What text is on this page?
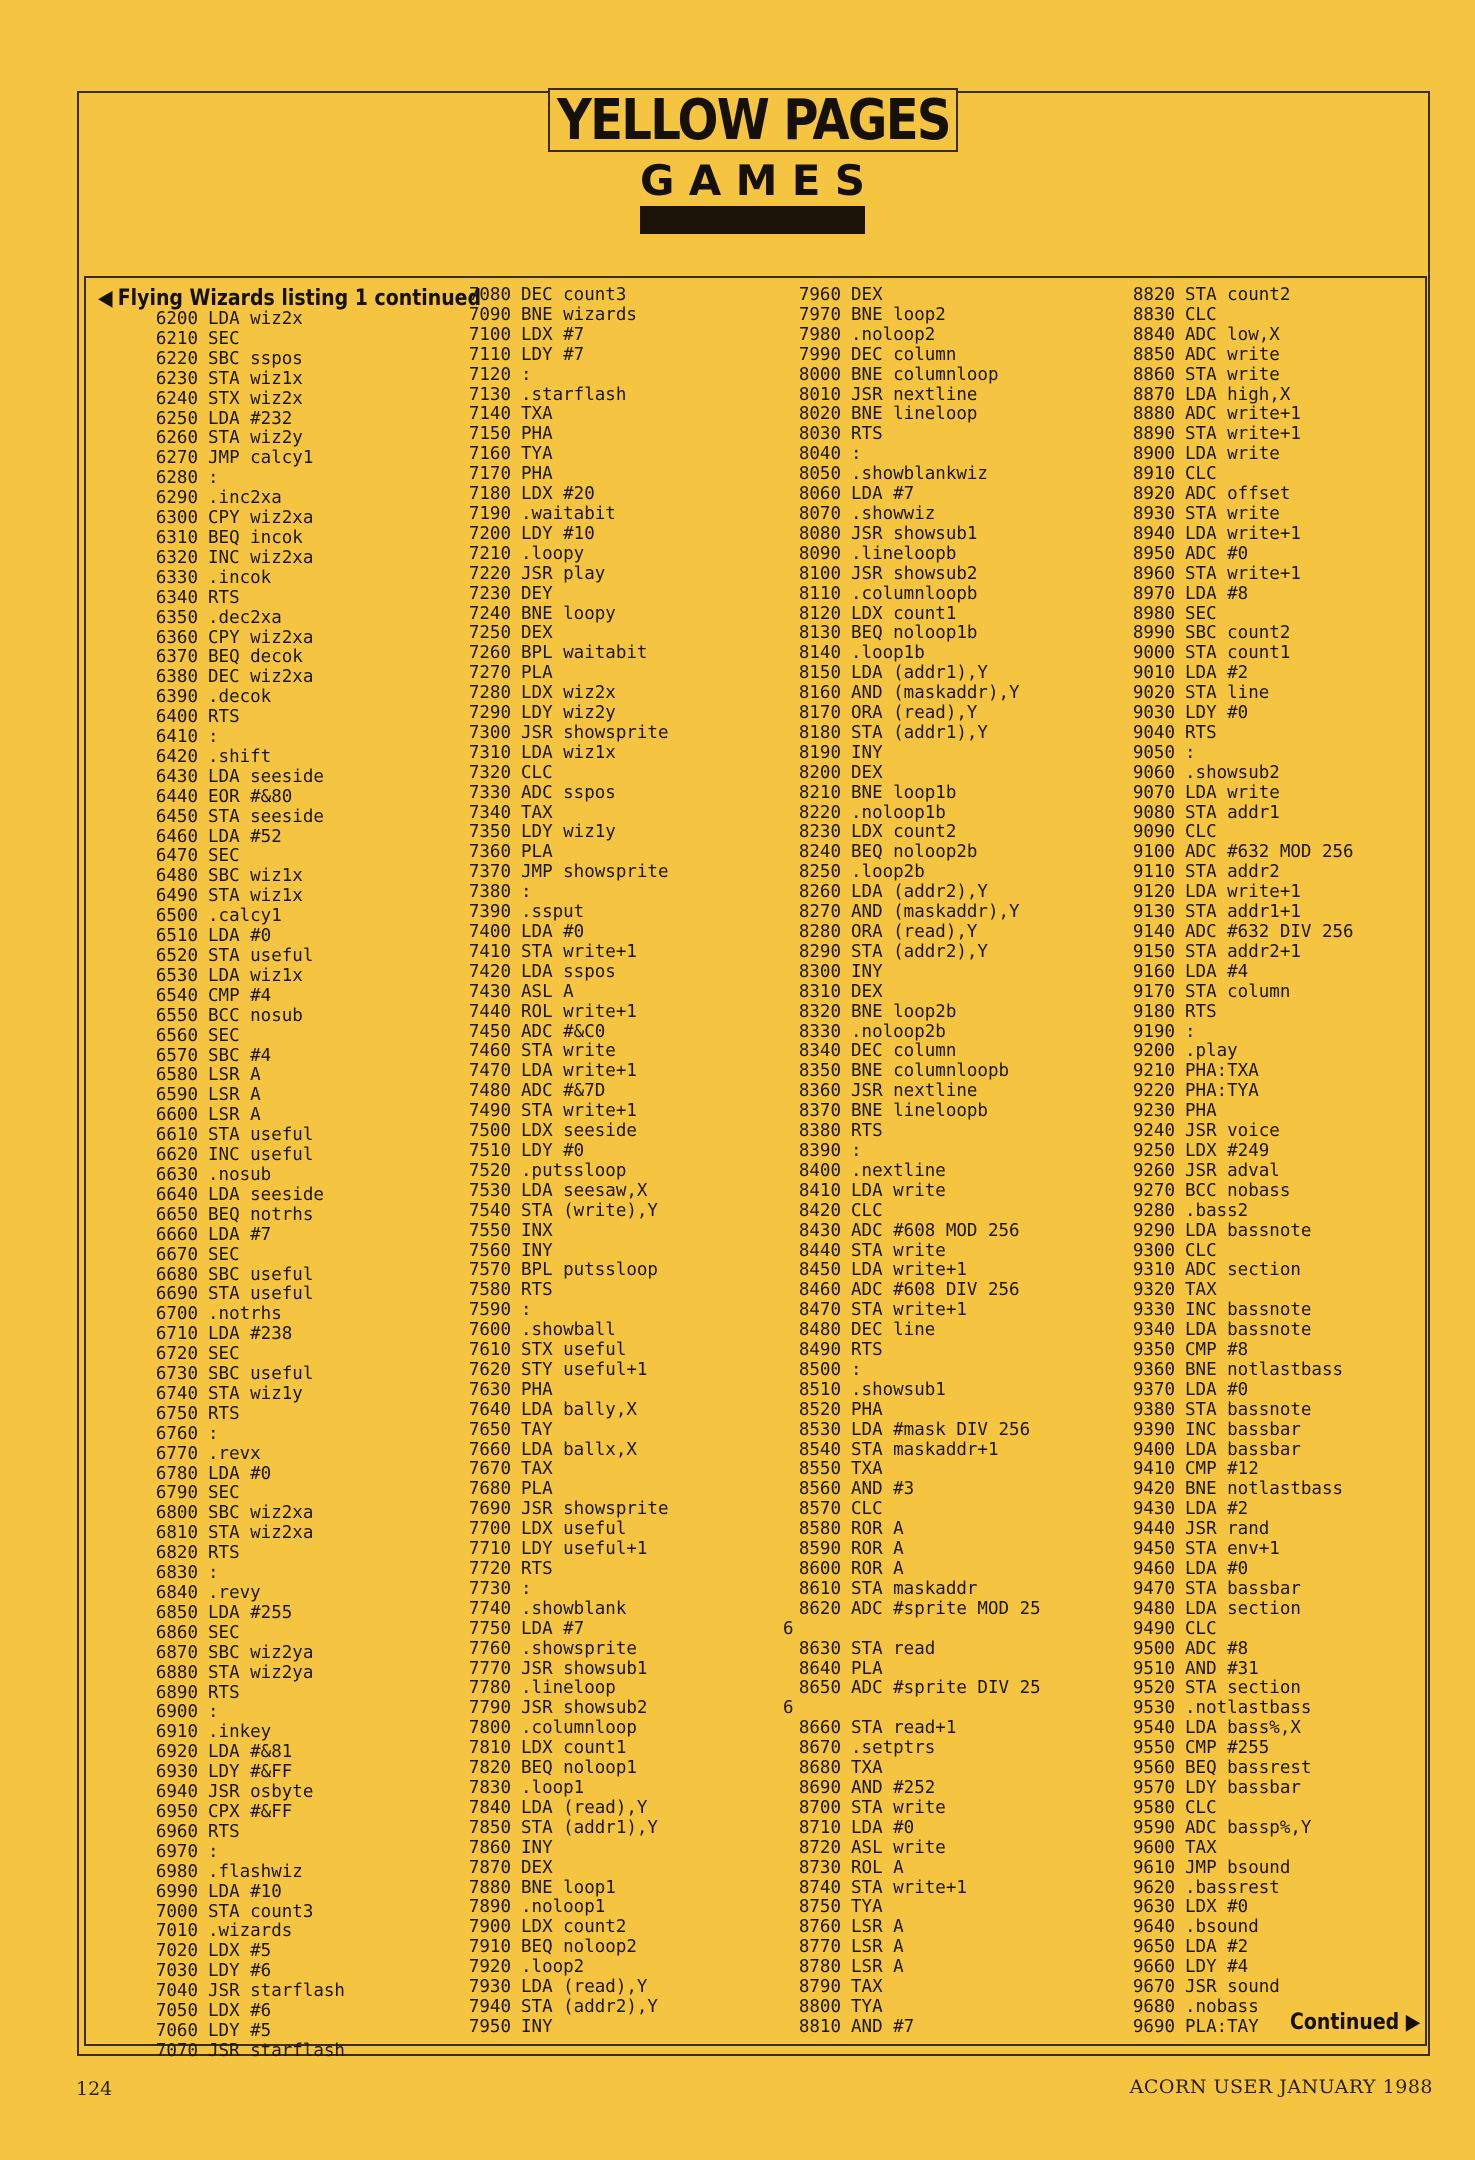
YELLOW PAGES
G A M E S
◀ Flying Wizards listing 1 continued
6200 LDA wiz2x
6210 SEC
6220 SBC sspos
6230 STA wiz1x
6240 STX wiz2x
6250 LDA #232
6260 STA wiz2y
6270 JMP calcy1
6280 :
6290 .inc2xa
6300 CPY wiz2xa
6310 BEQ incok
6320 INC wiz2xa
6330 .incok
6340 RTS
6350 .dec2xa
6360 CPY wiz2xa
6370 BEQ decok
6380 DEC wiz2xa
6390 .decok
6400 RTS
6410 :
6420 .shift
6430 LDA seeside
6440 EOR #&80
6450 STA seeside
6460 LDA #52
6470 SEC
6480 SBC wiz1x
6490 STA wiz1x
6500 .calcy1
6510 LDA #0
6520 STA useful
6530 LDA wiz1x
6540 CMP #4
6550 BCC nosub
6560 SEC
6570 SBC #4
6580 LSR A
6590 LSR A
6600 LSR A
6610 STA useful
6620 INC useful
6630 .nosub
6640 LDA seeside
6650 BEQ notrhs
6660 LDA #7
6670 SEC
6680 SBC useful
6690 STA useful
6700 .notrhs
6710 LDA #238
6720 SEC
6730 SBC useful
6740 STA wiz1y
6750 RTS
6760 :
6770 .revx
6780 LDA #0
6790 SEC
6800 SBC wiz2xa
6810 STA wiz2xa
6820 RTS
6830 :
6840 .revy
6850 LDA #255
6860 SEC
6870 SBC wiz2ya
6880 STA wiz2ya
6890 RTS
6900 :
6910 .inkey
6920 LDA #&81
6930 LDY #&FF
6940 JSR osbyte
6950 CPX #&FF
6960 RTS
6970 :
6980 .flashwiz
6990 LDA #10
7000 STA count3
7010 .wizards
7020 LDX #5
7030 LDY #6
7040 JSR starflash
7050 LDX #6
7060 LDY #5
7070 JSR starflash
7080 DEC count3
7090 BNE wizards
7100 LDX #7
7110 LDY #7
7120 :
7130 .starflash
7140 TXA
7150 PHA
7160 TYA
7170 PHA
7180 LDX #20
7190 .waitabit
7200 LDY #10
7210 .loopy
7220 JSR play
7230 DEY
7240 BNE loopy
7250 DEX
7260 BPL waitabit
7270 PLA
7280 LDX wiz2x
7290 LDY wiz2y
7300 JSR showsprite
7310 LDA wiz1x
7320 CLC
7330 ADC sspos
7340 TAX
7350 LDY wiz1y
7360 PLA
7370 JMP showsprite
7380 :
7390 .ssput
7400 LDA #0
7410 STA write+1
7420 LDA sspos
7430 ASL A
7440 ROL write+1
7450 ADC #&C0
7460 STA write
7470 LDA write+1
7480 ADC #&7D
7490 STA write+1
7500 LDX seeside
7510 LDY #0
7520 .putssloop
7530 LDA seesaw,X
7540 STA (write),Y
7550 INX
7560 INY
7570 BPL putssloop
7580 RTS
7590 :
7600 .showball
7610 STX useful
7620 STY useful+1
7630 PHA
7640 LDA bally,X
7650 TAY
7660 LDA ballx,X
7670 TAX
7680 PLA
7690 JSR showsprite
7700 LDX useful
7710 LDY useful+1
7720 RTS
7730 :
7740 .showblank
7750 LDA #7
7760 .showsprite
7770 JSR showsub1
7780 .lineloop
7790 JSR showsub2
7800 .columnloop
7810 LDX count1
7820 BEQ noloop1
7830 .loop1
7840 LDA (read),Y
7850 STA (addr1),Y
7860 INY
7870 DEX
7880 BNE loop1
7890 .noloop1
7900 LDX count2
7910 BEQ noloop2
7920 .loop2
7930 LDA (read),Y
7940 STA (addr2),Y
7950 INY
7960 DEX
7970 BNE loop2
7980 .noloop2
7990 DEC column
8000 BNE columnloop
8010 JSR nextline
8020 BNE lineloop
8030 RTS
8040 :
8050 .showblankwiz
8060 LDA #7
8070 .showwiz
8080 JSR showsub1
8090 .lineloopb
8100 JSR showsub2
8110 .columnloopb
8120 LDX count1
8130 BEQ noloop1b
8140 .loop1b
8150 LDA (addr1),Y
8160 AND (maskaddr),Y
8170 ORA (read),Y
8180 STA (addr1),Y
8190 INY
8200 DEX
8210 BNE loop1b
8220 .noloop1b
8230 LDX count2
8240 BEQ noloop2b
8250 .loop2b
8260 LDA (addr2),Y
8270 AND (maskaddr),Y
8280 ORA (read),Y
8290 STA (addr2),Y
8300 INY
8310 DEX
8320 BNE loop2b
8330 .noloop2b
8340 DEC column
8350 BNE columnloopb
8360 JSR nextline
8370 BNE lineloopb
8380 RTS
8390 :
8400 .nextline
8410 LDA write
8420 CLC
8430 ADC #608 MOD 256
8440 STA write
8450 LDA write+1
8460 ADC #608 DIV 256
8470 STA write+1
8480 DEC line
8490 RTS
8500 :
8510 .showsub1
8520 PHA
8530 LDA #mask DIV 256
8540 STA maskaddr+1
8550 TXA
8560 AND #3
8570 CLC
8580 ROR A
8590 ROR A
8600 ROR A
8610 STA maskaddr
8620 ADC #sprite MOD 25
6
8630 STA read
8640 PLA
8650 ADC #sprite DIV 25
6
8660 STA read+1
8670 .setptrs
8680 TXA
8690 AND #252
8700 STA write
8710 LDA #0
8720 ASL write
8730 ROL A
8740 STA write+1
8750 TYA
8760 LSR A
8770 LSR A
8780 LSR A
8790 TAX
8800 TYA
8810 AND #7
8820 STA count2
8830 CLC
8840 ADC low,X
8850 ADC write
8860 STA write
8870 LDA high,X
8880 ADC write+1
8890 STA write+1
8900 LDA write
8910 CLC
8920 ADC offset
8930 STA write
8940 LDA write+1
8950 ADC #0
8960 STA write+1
8970 LDA #8
8980 SEC
8990 SBC count2
9000 STA count1
9010 LDA #2
9020 STA line
9030 LDY #0
9040 RTS
9050 :
9060 .showsub2
9070 LDA write
9080 STA addr1
9090 CLC
9100 ADC #632 MOD 256
9110 STA addr2
9120 LDA write+1
9130 STA addr1+1
9140 ADC #632 DIV 256
9150 STA addr2+1
9160 LDA #4
9170 STA column
9180 RTS
9190 :
9200 .play
9210 PHA:TXA
9220 PHA:TYA
9230 PHA
9240 JSR voice
9250 LDX #249
9260 JSR adval
9270 BCC nobass
9280 .bass2
9290 LDA bassnote
9300 CLC
9310 ADC section
9320 TAX
9330 INC bassnote
9340 LDA bassnote
9350 CMP #8
9360 BNE notlastbass
9370 LDA #0
9380 STA bassnote
9390 INC bassbar
9400 LDA bassbar
9410 CMP #12
9420 BNE notlastbass
9430 LDA #2
9440 JSR rand
9450 STA env+1
9460 LDA #0
9470 STA bassbar
9480 LDA section
9490 CLC
9500 ADC #8
9510 AND #31
9520 STA section
9530 .notlastbass
9540 LDA bass%,X
9550 CMP #255
9560 BEQ bassrest
9570 LDY bassbar
9580 CLC
9590 ADC bassp%,Y
9600 TAX
9610 JMP bsound
9620 .bassrest
9630 LDX #0
9640 .bsound
9650 LDA #2
9660 LDY #4
9670 JSR sound
9680 .nobass
9690 PLA:TAY	Continued ▶
124	ACORN USER JANUARY 1988
